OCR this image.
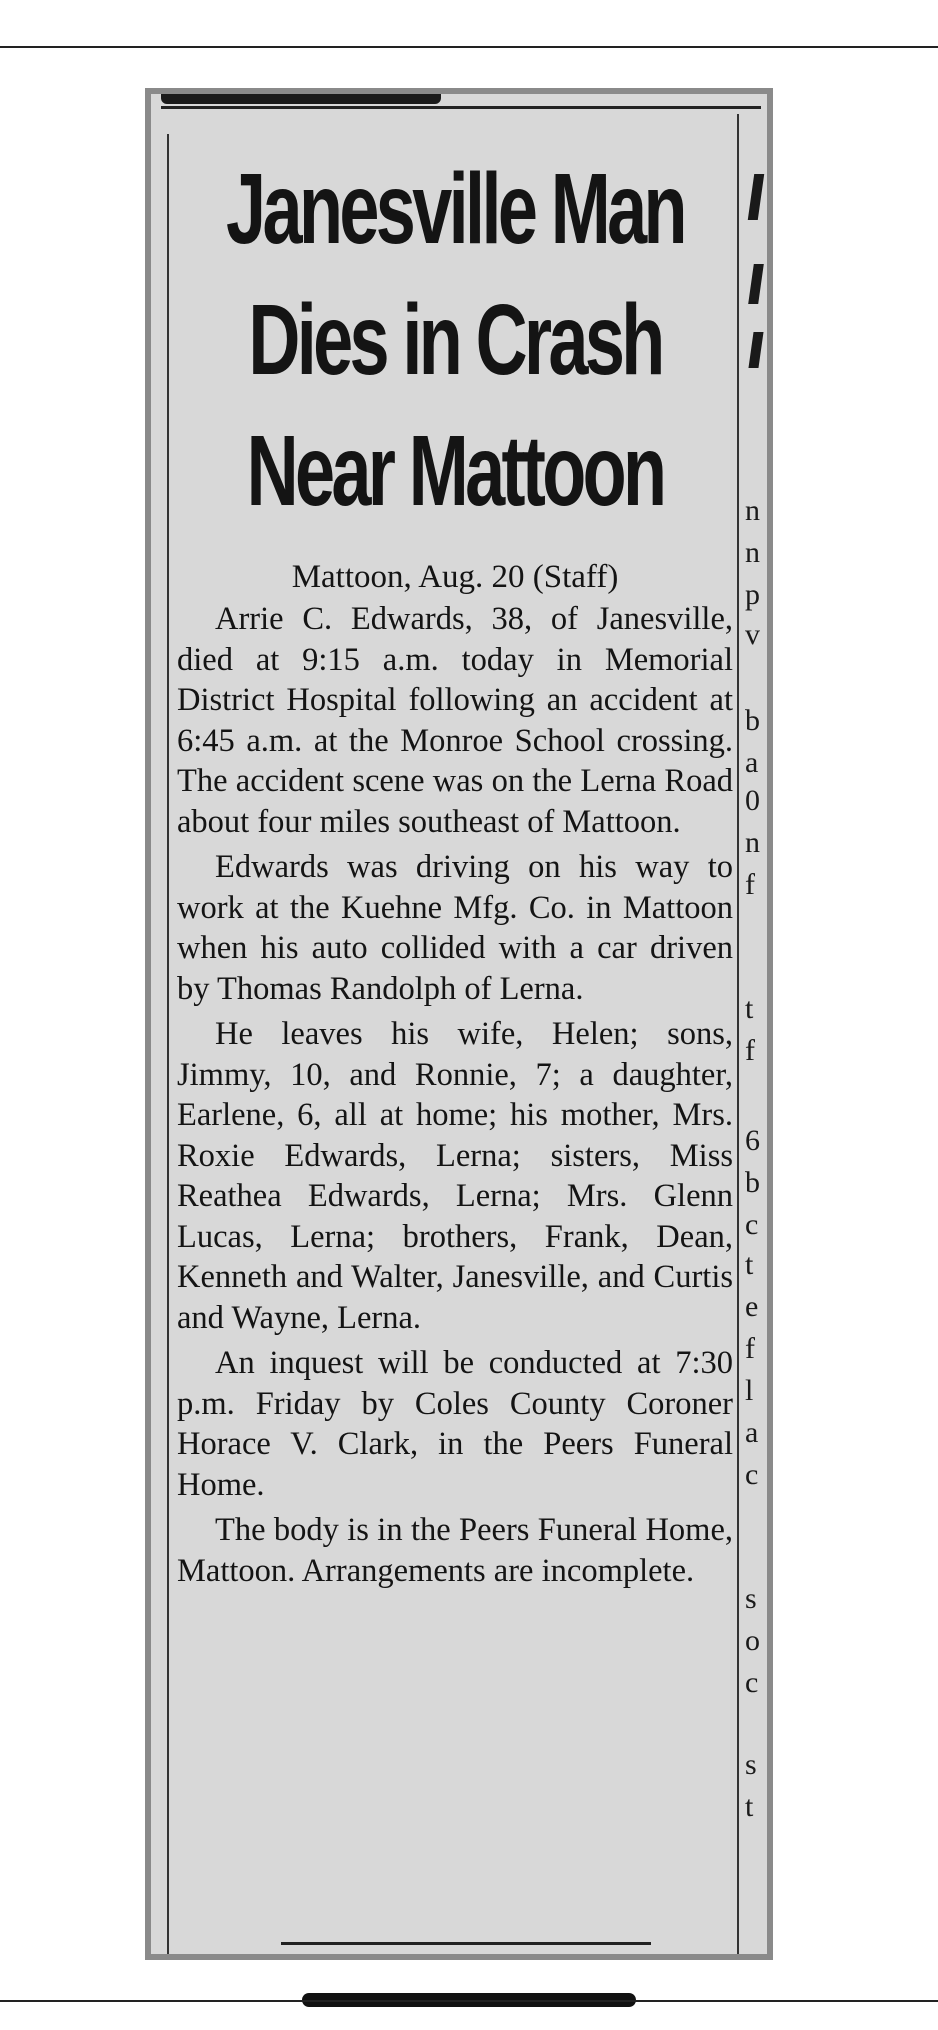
Janesville Man
Dies in Crash
Near Mattoon
Mattoon, Aug. 20 (Staff)

Arrie C. Edwards, 38, of Janesville, died at 9:15 a.m. today in Memorial District Hospital following an accident at 6:45 a.m. at the Monroe School crossing. The accident scene was on the Lerna Road about four miles southeast of Mattoon.

Edwards was driving on his way to work at the Kuehne Mfg. Co. in Mattoon when his auto collided with a car driven by Thomas Randolph of Lerna.

He leaves his wife, Helen; sons, Jimmy, 10, and Ronnie, 7; a daughter, Earlene, 6, all at home; his mother, Mrs. Roxie Edwards, Lerna; sisters, Miss Reathea Edwards, Lerna; Mrs. Glenn Lucas, Lerna; brothers, Frank, Dean, Kenneth and Walter, Janesville, and Curtis and Wayne, Lerna.

An inquest will be conducted at 7:30 p.m. Friday by Coles County Coroner Horace V. Clark, in the Peers Funeral Home.

The body is in the Peers Funeral Home, Mattoon. Arrangements are incomplete.

n
n
p
v
b
a
0
n
f
t
f
6
b
c
t
e
f
l
a
c
s
o
c
s
t
